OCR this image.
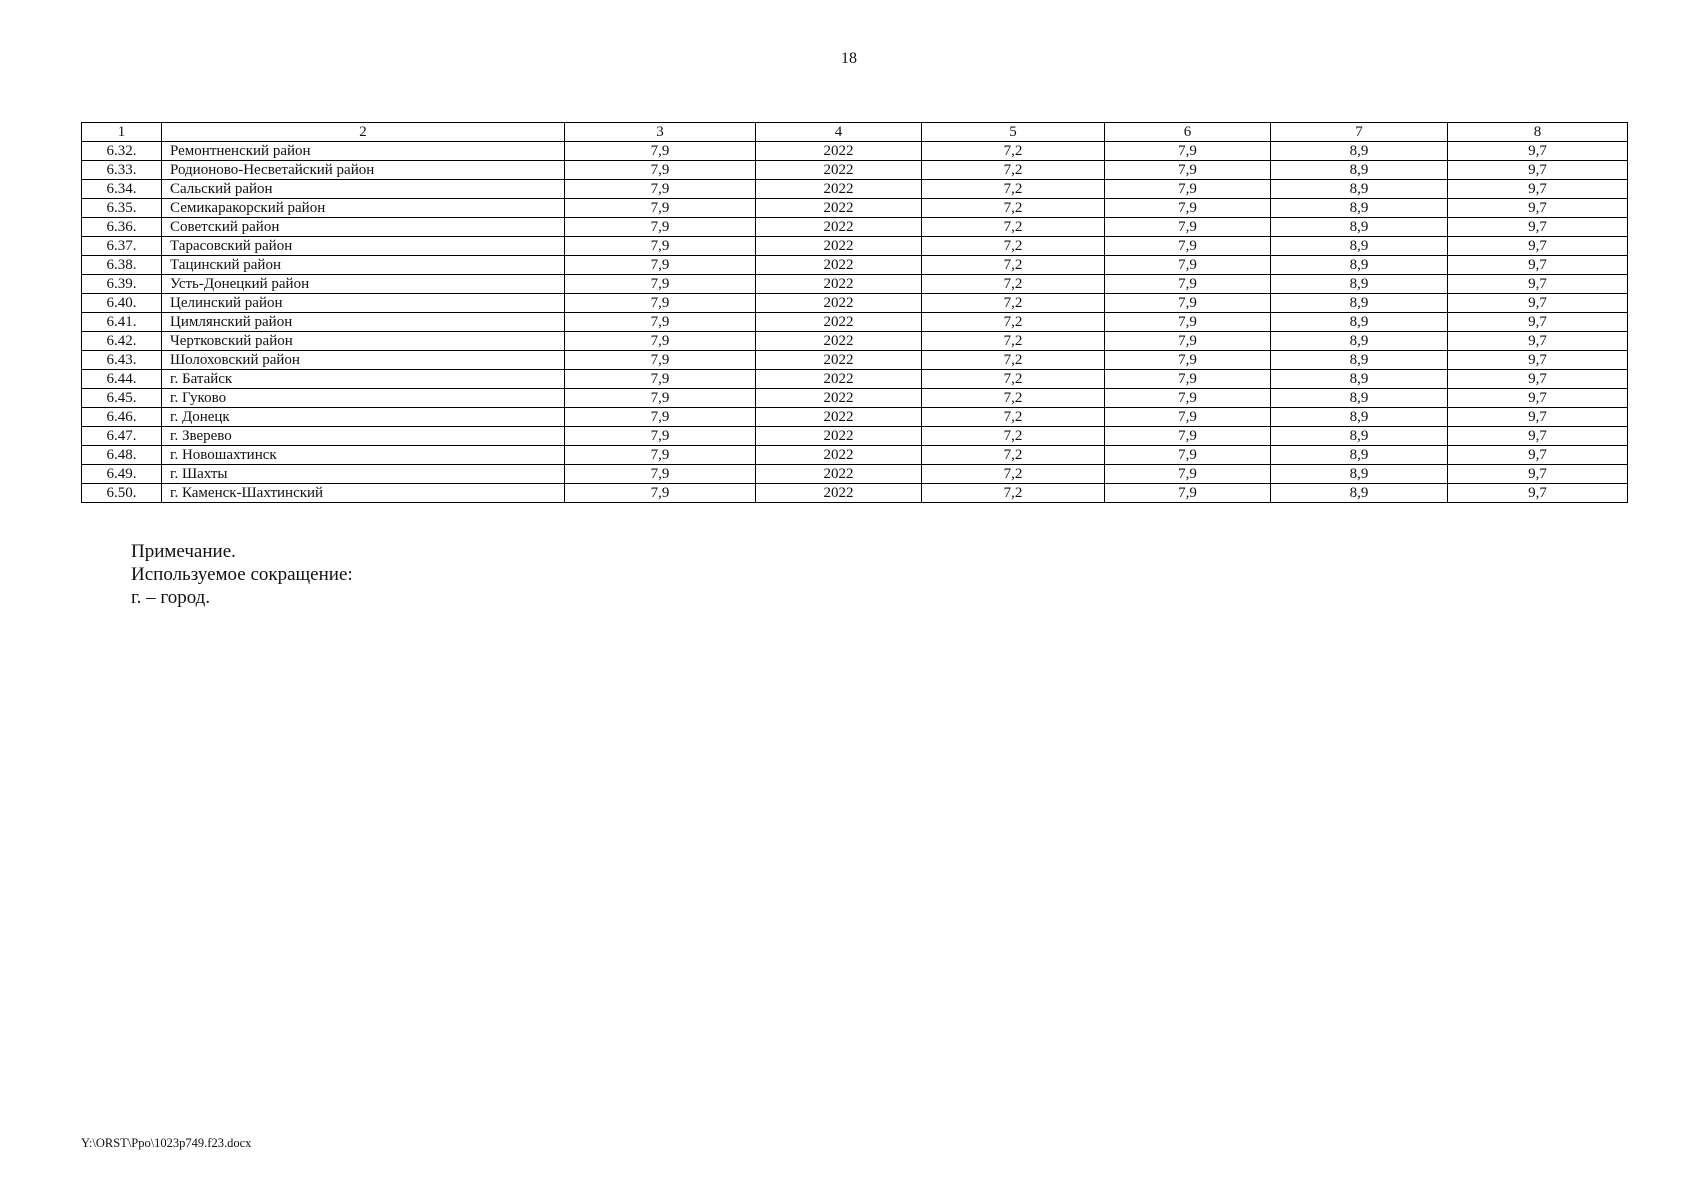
18
1	2	3	4	5	6	7	8
6.32.	Ремонтненский район	7,9	2022	7,2	7,9	8,9	9,7
6.33.	Родионово-Несветайский район	7,9	2022	7,2	7,9	8,9	9,7
6.34.	Сальский район	7,9	2022	7,2	7,9	8,9	9,7
6.35.	Семикаракорский район	7,9	2022	7,2	7,9	8,9	9,7
6.36.	Советский район	7,9	2022	7,2	7,9	8,9	9,7
6.37.	Тарасовский район	7,9	2022	7,2	7,9	8,9	9,7
6.38.	Тацинский район	7,9	2022	7,2	7,9	8,9	9,7
6.39.	Усть-Донецкий район	7,9	2022	7,2	7,9	8,9	9,7
6.40.	Целинский район	7,9	2022	7,2	7,9	8,9	9,7
6.41.	Цимлянский район	7,9	2022	7,2	7,9	8,9	9,7
6.42.	Чертковский район	7,9	2022	7,2	7,9	8,9	9,7
6.43.	Шолоховский район	7,9	2022	7,2	7,9	8,9	9,7
6.44.	г. Батайск	7,9	2022	7,2	7,9	8,9	9,7
6.45.	г. Гуково	7,9	2022	7,2	7,9	8,9	9,7
6.46.	г. Донецк	7,9	2022	7,2	7,9	8,9	9,7
6.47.	г. Зверево	7,9	2022	7,2	7,9	8,9	9,7
6.48.	г. Новошахтинск	7,9	2022	7,2	7,9	8,9	9,7
6.49.	г. Шахты	7,9	2022	7,2	7,9	8,9	9,7
6.50.	г. Каменск-Шахтинский	7,9	2022	7,2	7,9	8,9	9,7
Примечание.
Используемое сокращение:
г. – город.
Y:\ORST\Ppo\1023p749.f23.docx
